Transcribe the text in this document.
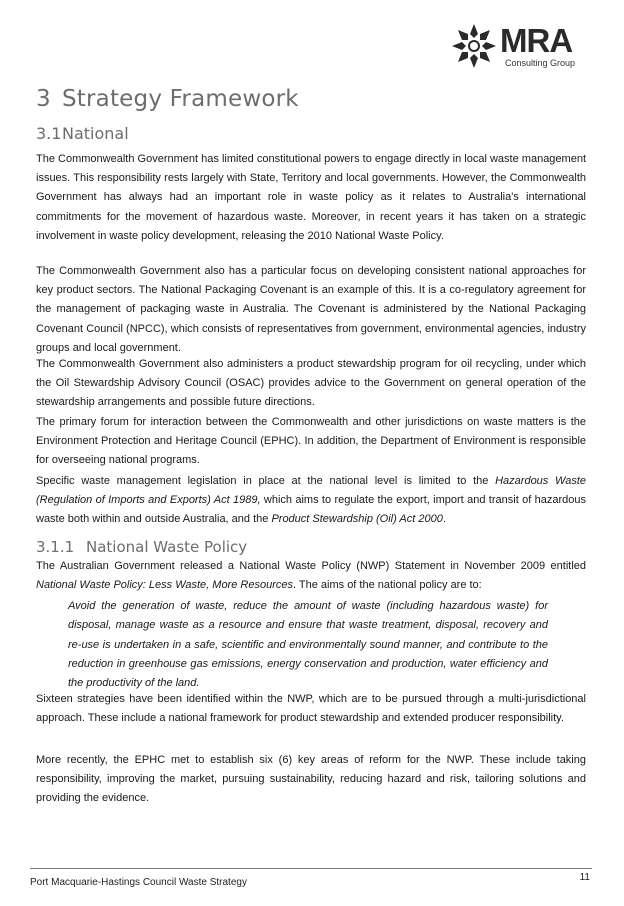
MRA
Consulting Group
3 Strategy Framework
3.1National

The Commonwealth Government has limited constitutional powers to engage directly in local waste management issues. This responsibility rests largely with State, Territory and local governments. However, the Commonwealth Government has always had an important role in waste policy as it relates to Australia's international commitments for the movement of hazardous waste. Moreover, in recent years it has taken on a strategic involvement in waste policy development, releasing the 2010 National Waste Policy.

The Commonwealth Government also has a particular focus on developing consistent national approaches for key product sectors. The National Packaging Covenant is an example of this. It is a co-regulatory agreement for the management of packaging waste in Australia. The Covenant is administered by the National Packaging Covenant Council (NPCC), which consists of representatives from government, environmental agencies, industry groups and local government.

The Commonwealth Government also administers a product stewardship program for oil recycling, under which the Oil Stewardship Advisory Council (OSAC) provides advice to the Government on general operation of the stewardship arrangements and possible future directions.

The primary forum for interaction between the Commonwealth and other jurisdictions on waste matters is the Environment Protection and Heritage Council (EPHC). In addition, the Department of Environment is responsible for overseeing national programs.

Specific waste management legislation in place at the national level is limited to the Hazardous Waste (Regulation of Imports and Exports) Act 1989, which aims to regulate the export, import and transit of hazardous waste both within and outside Australia, and the Product Stewardship (Oil) Act 2000.

3.1.1 National Waste Policy

The Australian Government released a National Waste Policy (NWP) Statement in November 2009 entitled National Waste Policy: Less Waste, More Resources. The aims of the national policy are to:

Avoid the generation of waste, reduce the amount of waste (including hazardous waste) for disposal, manage waste as a resource and ensure that waste treatment, disposal, recovery and re-use is undertaken in a safe, scientific and environmentally sound manner, and contribute to the reduction in greenhouse gas emissions, energy conservation and production, water efficiency and the productivity of the land.

Sixteen strategies have been identified within the NWP, which are to be pursued through a multi-jurisdictional approach. These include a national framework for product stewardship and extended producer responsibility.

More recently, the EPHC met to establish six (6) key areas of reform for the NWP. These include taking responsibility, improving the market, pursuing sustainability, reducing hazard and risk, tailoring solutions and providing the evidence.

Port Macquarie-Hastings Council Waste Strategy	11
